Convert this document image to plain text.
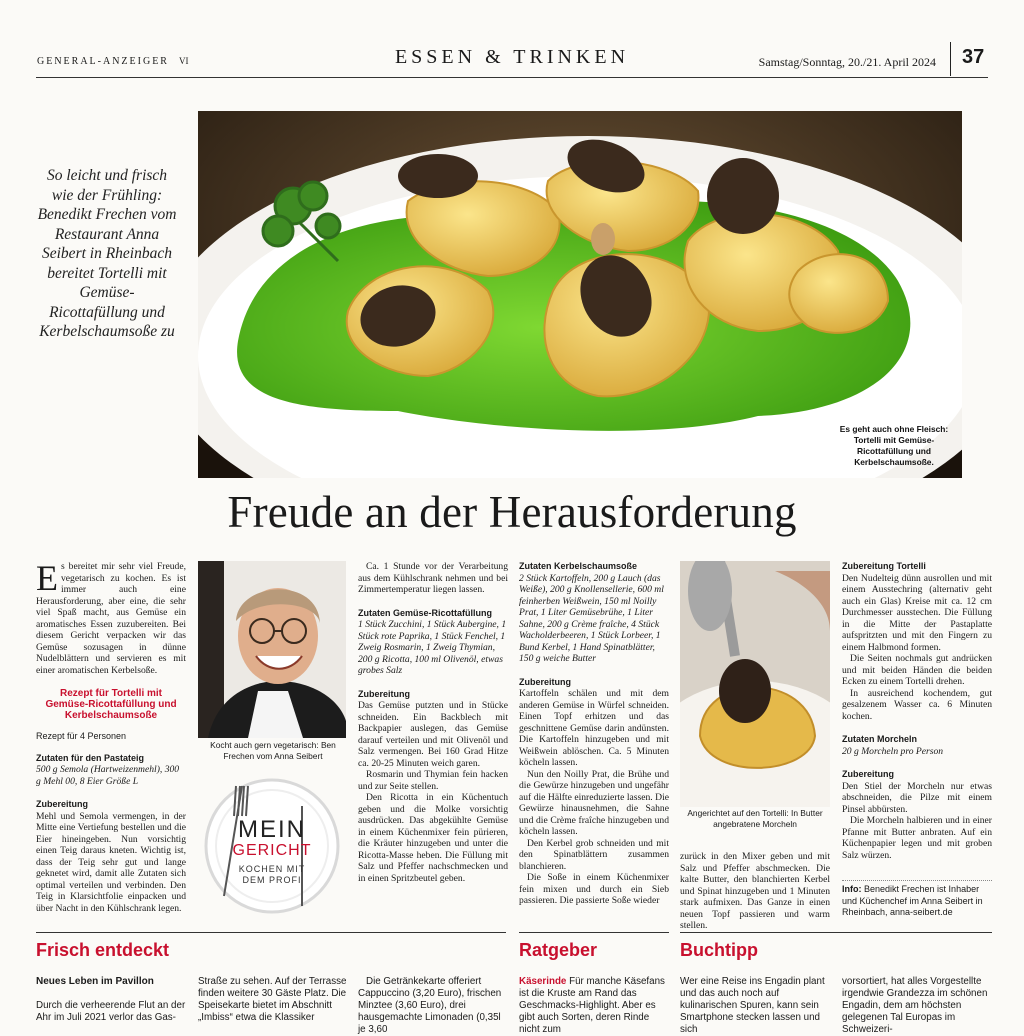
GENERAL-ANZEIGER VI	ESSEN & TRINKEN	Samstag/Sonntag, 20./21. April 2024 37
So leicht und frisch wie der Frühling: Benedikt Frechen vom Restaurant Anna Seibert in Rheinbach bereitet Tortelli mit Gemüse-Ricottafüllung und Kerbelschaumsoße zu
Es geht auch ohne Fleisch: Tortelli mit Gemüse-Ricottafüllung und Kerbelschaumsoße.
Freude an der Herausforderung

Es bereitet mir sehr viel Freude, vegetarisch zu kochen. Es ist immer auch eine Herausforderung, aber eine, die sehr viel Spaß macht, aus Gemüse ein aromatisches Essen zuzubereiten. Bei diesem Gericht verpacken wir das Gemüse sozusagen in dünne Nudelblättern und servieren es mit einer aromatischen Kerbelsoße.

Rezept für Tortelli mit Gemüse-Ricottafüllung und Kerbelschaumsoße

Rezept für 4 Personen

Zutaten für den Pastateig

500 g Semola (Hartweizenmehl), 300 g Mehl 00, 8 Eier Größe L

Zubereitung

Mehl und Semola vermengen, in der Mitte eine Vertiefung bestellen und die Eier hineingeben. Nun vorsichtig einen Teig daraus kneten. Wichtig ist, dass der Teig sehr gut und lange geknetet wird, damit alle Zutaten sich optimal verteilen und verbinden. Den Teig in Klarsichtfolie einpacken und über Nacht in den Kühlschrank legen.

Kocht auch gern vegetarisch: Ben Frechen vom Anna Seibert
MEIN
GERICHT
KOCHEN MIT
DEM PROFI

Ca. 1 Stunde vor der Verarbeitung aus dem Kühlschrank nehmen und bei Zimmertemperatur liegen lassen.

Zutaten Gemüse-Ricottafüllung

1 Stück Zucchini, 1 Stück Aubergine, 1 Stück rote Paprika, 1 Stück Fenchel, 1 Zweig Rosmarin, 1 Zweig Thymian, 200 g Ricotta, 100 ml Olivenöl, etwas grobes Salz

Zubereitung

Das Gemüse putzten und in Stücke schneiden. Ein Backblech mit Backpapier auslegen, das Gemüse darauf verteilen und mit Olivenöl und Salz vermengen. Bei 160 Grad Hitze ca. 20-25 Minuten weich garen.

Rosmarin und Thymian fein hacken und zur Seite stellen.

Den Ricotta in ein Küchentuch geben und die Molke vorsichtig ausdrücken. Das abgekühlte Gemüse in einem Küchenmixer fein pürieren, die Kräuter hinzugeben und unter die Ricotta-Masse heben. Die Füllung mit Salz und Pfeffer nachschmecken und in einen Spritzbeutel geben.

Zutaten Kerbelschaumsoße

2 Stück Kartoffeln, 200 g Lauch (das Weiße), 200 g Knollensellerie, 600 ml feinherben Weißwein, 150 ml Noilly Prat, 1 Liter Gemüsebrühe, 1 Liter Sahne, 200 g Crème fraîche, 4 Stück Wacholderbeeren, 1 Stück Lorbeer, 1 Bund Kerbel, 1 Hand Spinatblätter, 150 g weiche Butter

Zubereitung

Kartoffeln schälen und mit dem anderen Gemüse in Würfel schneiden. Einen Topf erhitzen und das geschnittene Gemüse darin andünsten. Die Kartoffeln hinzugeben und mit Weißwein ablöschen. Ca. 5 Minuten köcheln lassen.

Nun den Noilly Prat, die Brühe und die Gewürze hinzugeben und ungefähr auf die Hälfte einreduzierte lassen. Die Gewürze hinausnehmen, die Sahne und die Crème fraîche hinzugeben und köcheln lassen.

Den Kerbel grob schneiden und mit den Spinatblättern zusammen blanchieren.

Die Soße in einem Küchenmixer fein mixen und durch ein Sieb passieren. Die passierte Soße wieder

Angerichtet auf den Tortelli: In Butter angebratene Morcheln

zurück in den Mixer geben und mit Salz und Pfeffer abschmecken. Die kalte Butter, den blanchierten Kerbel und Spinat hinzugeben und 1 Minuten stark aufmixen. Das Ganze in einen neuen Topf passieren und warm stellen.

Zubereitung Tortelli

Den Nudelteig dünn ausrollen und mit einem Ausstechring (alternativ geht auch ein Glas) Kreise mit ca. 12 cm Durchmesser ausstechen. Die Füllung in die Mitte der Pastaplatte aufspritzten und mit den Fingern zu einem Halbmond formen.

Die Seiten nochmals gut andrücken und mit beiden Händen die beiden Ecken zu einem Tortelli drehen.

In ausreichend kochendem, gut gesalzenem Wasser ca. 6 Minuten kochen.

Zutaten Morcheln

20 g Morcheln pro Person

Zubereitung

Den Stiel der Morcheln nur etwas abschneiden, die Pilze mit einem Pinsel abbürsten.

Die Morcheln halbieren und in einer Pfanne mit Butter anbraten. Auf ein Küchenpapier legen und mit groben Salz würzen.

Info: Benedikt Frechen ist Inhaber und Küchenchef im Anna Seibert in Rheinbach, anna-seibert.de
Frisch entdeckt	Ratgeber	Buchtipp

Neues Leben im Pavillon

Durch die verheerende Flut an der Ahr im Juli 2021 verlor das Gas-

Straße zu sehen. Auf der Terrasse finden weitere 30 Gäste Platz. Die Speisekarte bietet im Abschnitt „Imbiss“ etwa die Klassiker

Die Getränkekarte offeriert Cappuccino (3,20 Euro), frischen Minztee (3,60 Euro), drei hausgemachte Limonaden (0,35l je 3,60

Käserinde Für manche Käsefans ist die Kruste am Rand das Geschmacks-Highlight. Aber es gibt auch Sorten, deren Rinde nicht zum

Wer eine Reise ins Engadin plant und das auch noch auf kulinarischen Spuren, kann sein Smartphone stecken lassen und sich

vorsortiert, hat alles Vorgestellte irgendwie Grandezza im schönen Engadin, dem am höchsten gelegenen Tal Europas im Schweizeri-
